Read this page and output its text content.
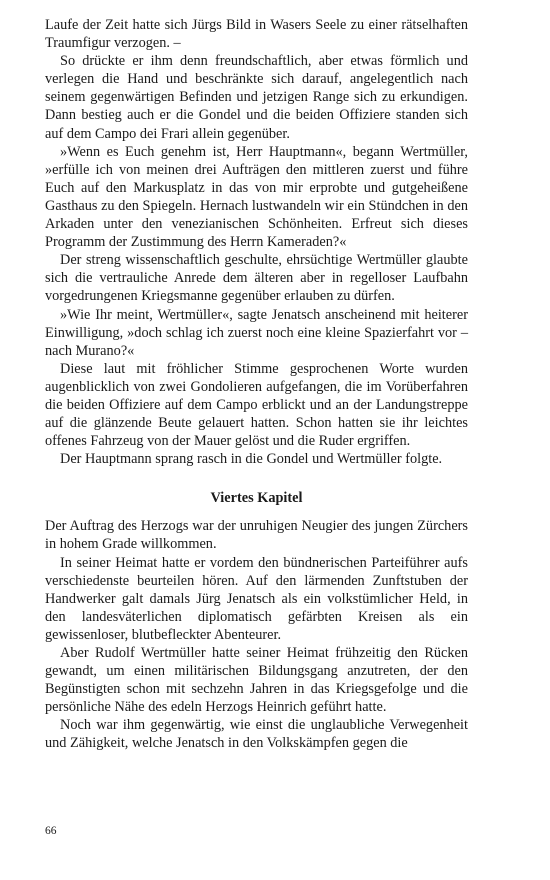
Laufe der Zeit hatte sich Jürgs Bild in Wasers Seele zu einer rätselhaften Traumfigur verzogen. –

So drückte er ihm denn freundschaftlich, aber etwas förmlich und verlegen die Hand und beschränkte sich darauf, angelegentlich nach seinem gegenwärtigen Befinden und jetzigen Range sich zu erkundigen. Dann bestieg auch er die Gondel und die beiden Offiziere standen sich auf dem Campo dei Frari allein gegenüber.

»Wenn es Euch genehm ist, Herr Hauptmann«, begann Wertmüller, »erfülle ich von meinen drei Aufträgen den mittleren zuerst und führe Euch auf den Markusplatz in das von mir erprobte und gutgeheißene Gasthaus zu den Spiegeln. Hernach lustwandeln wir ein Stündchen in den Arkaden unter den venezianischen Schönheiten. Erfreut sich dieses Programm der Zustimmung des Herrn Kameraden?«

Der streng wissenschaftlich geschulte, ehrsüchtige Wertmüller glaubte sich die vertrauliche Anrede dem älteren aber in regelloser Laufbahn vorgedrungenen Kriegsmanne gegenüber erlauben zu dürfen.

»Wie Ihr meint, Wertmüller«, sagte Jenatsch anscheinend mit heiterer Einwilligung, »doch schlag ich zuerst noch eine kleine Spazierfahrt vor – nach Murano?«

Diese laut mit fröhlicher Stimme gesprochenen Worte wurden augenblicklich von zwei Gondolieren aufgefangen, die im Vorüberfahren die beiden Offiziere auf dem Campo erblickt und an der Landungstreppe auf die glänzende Beute gelauert hatten. Schon hatten sie ihr leichtes offenes Fahrzeug von der Mauer gelöst und die Ruder ergriffen.

Der Hauptmann sprang rasch in die Gondel und Wertmüller folgte.

Viertes Kapitel

Der Auftrag des Herzogs war der unruhigen Neugier des jungen Zürchers in hohem Grade willkommen.

In seiner Heimat hatte er vordem den bündnerischen Parteiführer aufs verschiedenste beurteilen hören. Auf den lärmenden Zunftstuben der Handwerker galt damals Jürg Jenatsch als ein volkstümlicher Held, in den landesväterlichen diplomatisch gefärbten Kreisen als ein gewissenloser, blutbefleckter Abenteurer.

Aber Rudolf Wertmüller hatte seiner Heimat frühzeitig den Rücken gewandt, um einen militärischen Bildungsgang anzutreten, der den Begünstigten schon mit sechzehn Jahren in das Kriegsgefolge und die persönliche Nähe des edeln Herzogs Heinrich geführt hatte.

Noch war ihm gegenwärtig, wie einst die unglaubliche Verwegenheit und Zähigkeit, welche Jenatsch in den Volkskämpfen gegen die

66
